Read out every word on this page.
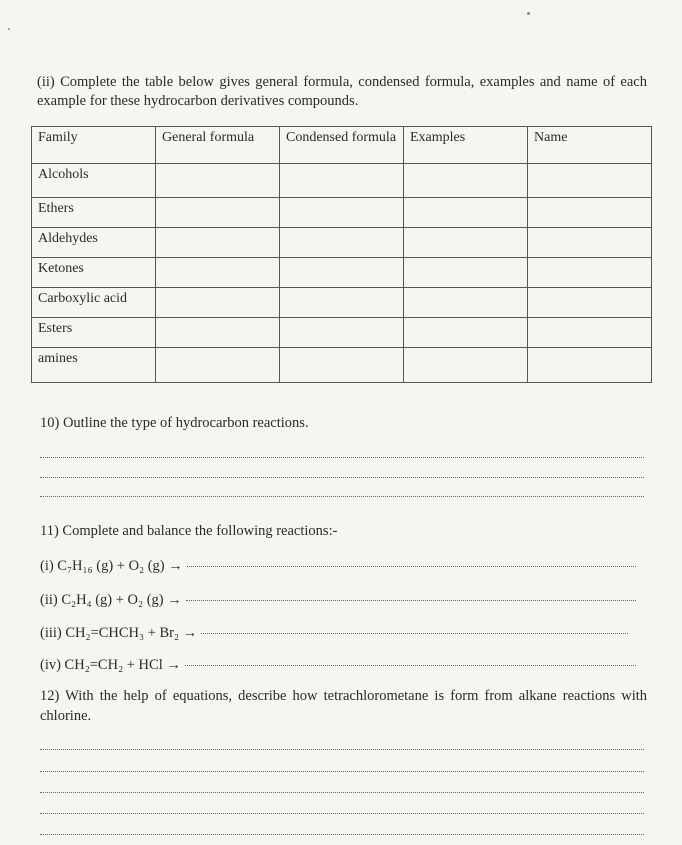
(ii) Complete the table below gives general formula, condensed formula, examples and name of each example for these hydrocarbon derivatives compounds.
Family	General formula	Condensed formula	Examples	Name
Alcohols				
Ethers				
Aldehydes				
Ketones				
Carboxylic acid				
Esters				
amines				
10) Outline the type of hydrocarbon reactions.
11) Complete and balance the following reactions:-
(i) C₇H₁₆ (g) + O₂ (g) →
(ii) C₂H₄ (g) + O₂ (g) →
(iii) CH₂=CHCH₃ + Br₂ →
(iv) CH₂=CH₂ + HCl →
12) With the help of equations, describe how tetrachlorometane is form from alkane reactions with chlorine.
